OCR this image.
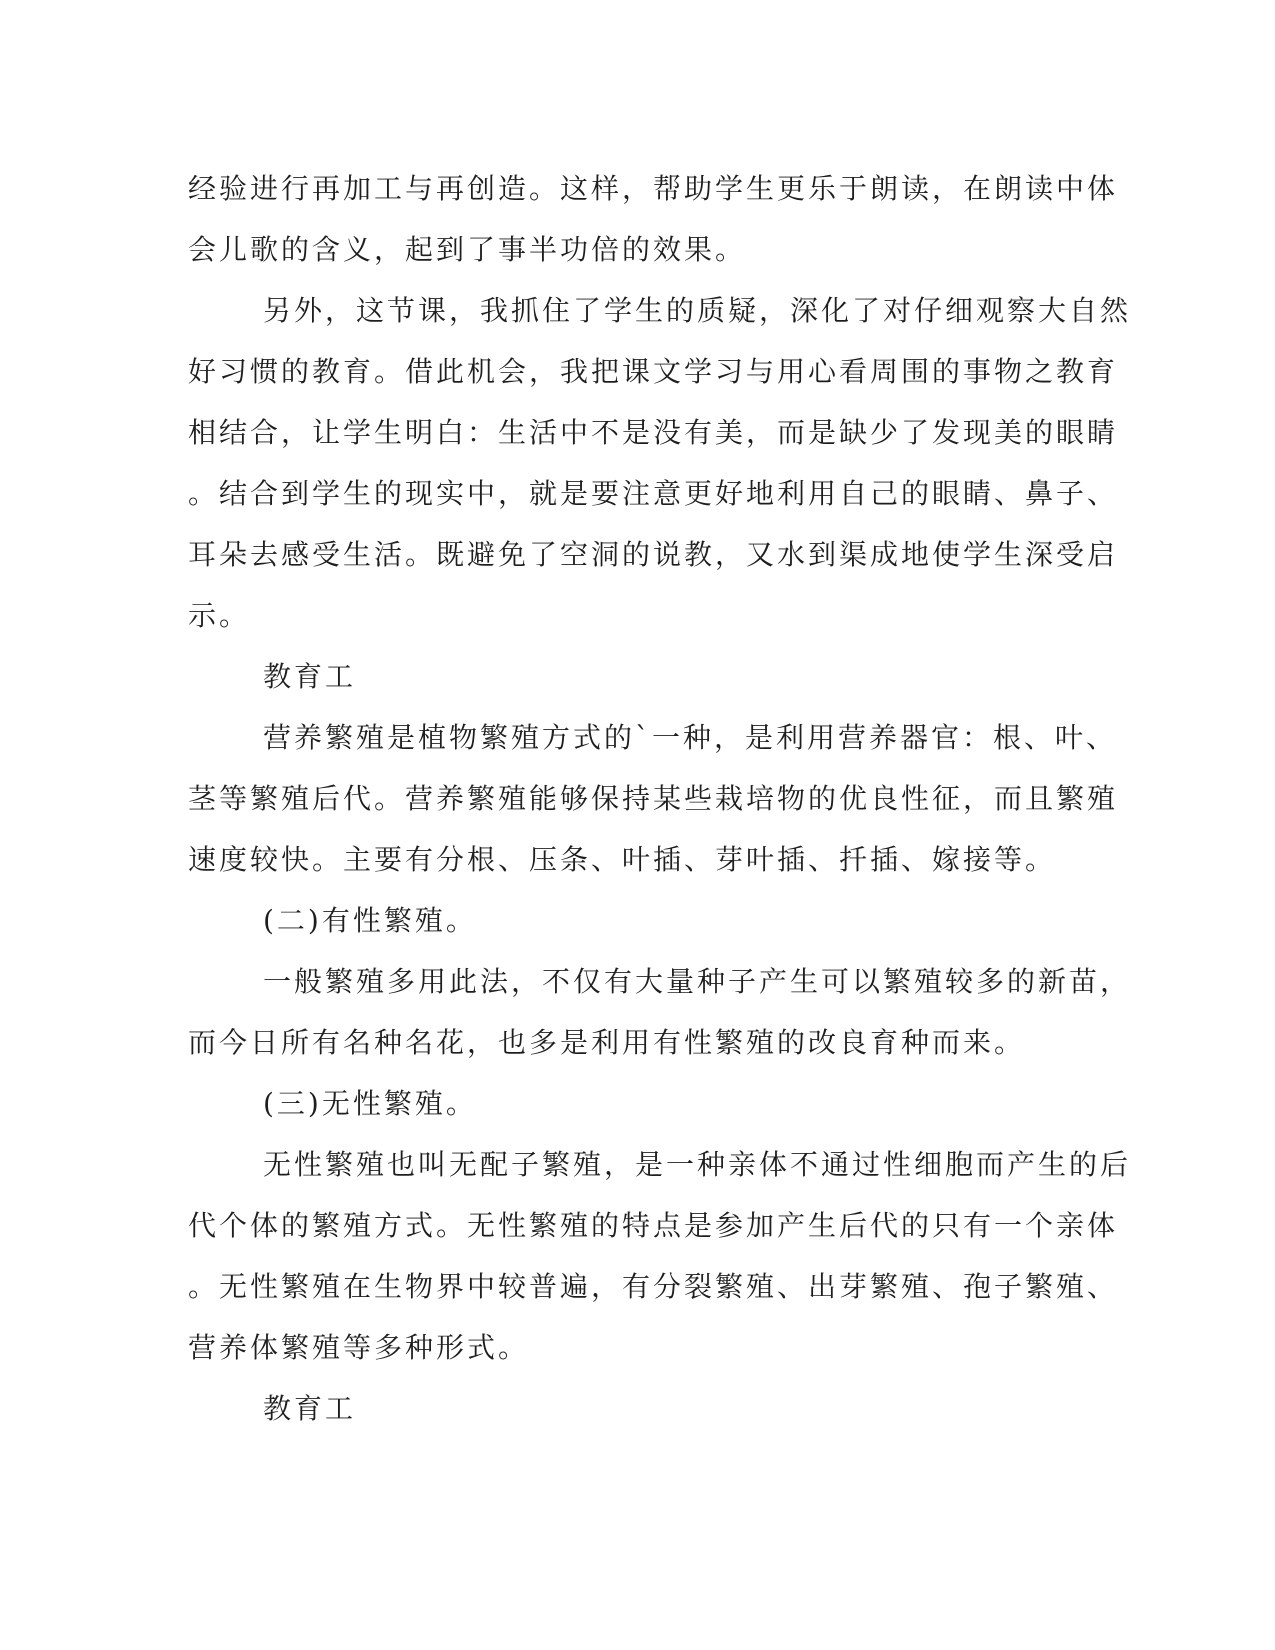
经验进行再加工与再创造。这样，帮助学生更乐于朗读，在朗读中体
会儿歌的含义，起到了事半功倍的效果。
另外，这节课，我抓住了学生的质疑，深化了对仔细观察大自然
好习惯的教育。借此机会，我把课文学习与用心看周围的事物之教育
相结合，让学生明白：生活中不是没有美，而是缺少了发现美的眼睛
。结合到学生的现实中，就是要注意更好地利用自己的眼睛、鼻子、
耳朵去感受生活。既避免了空洞的说教，又水到渠成地使学生深受启
示。
教育工
营养繁殖是植物繁殖方式的`一种，是利用营养器官：根、叶、
茎等繁殖后代。营养繁殖能够保持某些栽培物的优良性征，而且繁殖
速度较快。主要有分根、压条、叶插、芽叶插、扦插、嫁接等。
(二)有性繁殖。
一般繁殖多用此法，不仅有大量种子产生可以繁殖较多的新苗，
而今日所有名种名花，也多是利用有性繁殖的改良育种而来。
(三)无性繁殖。
无性繁殖也叫无配子繁殖，是一种亲体不通过性细胞而产生的后
代个体的繁殖方式。无性繁殖的特点是参加产生后代的只有一个亲体
。无性繁殖在生物界中较普遍，有分裂繁殖、出芽繁殖、孢子繁殖、
营养体繁殖等多种形式。
教育工
